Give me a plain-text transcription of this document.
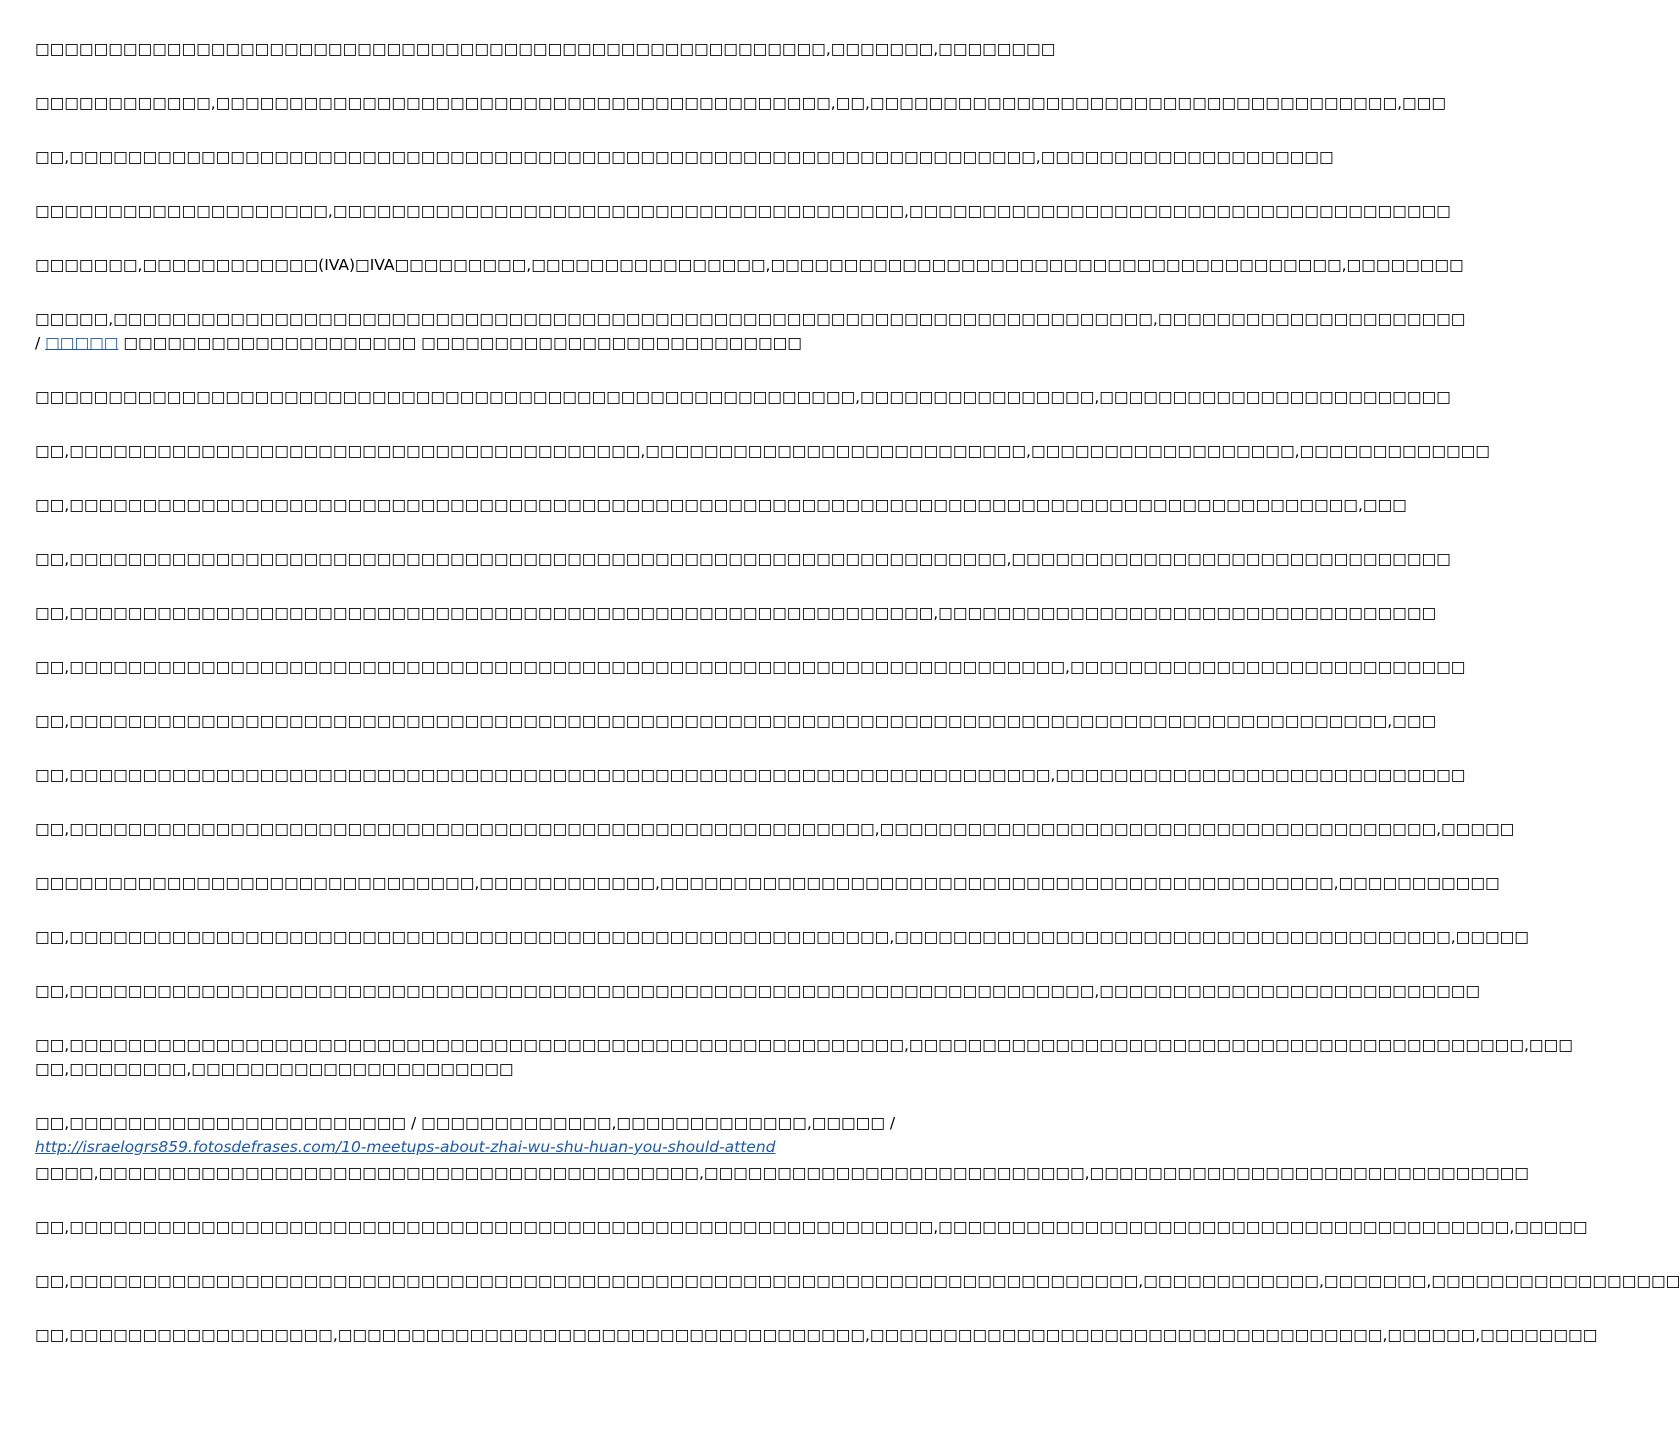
□□□□□□□□□□□□□□□□□□□□□□□□□□□□□□□□□□□□□□□□□□□□□□□□□□□□□□,□□□□□□□,□□□□□□□□

□□□□□□□□□□□□,□□□□□□□□□□□□□□□□□□□□□□□□□□□□□□□□□□□□□□□□□□,□□,□□□□□□□□□□□□□□□□□□□□□□□□□□□□□□□□□□□□,□□□

□□,□□□□□□□□□□□□□□□□□□□□□□□□□□□□□□□□□□□□□□□□□□□□□□□□□□□□□□□□□□□□□□□□□□,□□□□□□□□□□□□□□□□□□□□

□□□□□□□□□□□□□□□□□□□□,□□□□□□□□□□□□□□□□□□□□□□□□□□□□□□□□□□□□□□□,□□□□□□□□□□□□□□□□□□□□□□□□□□□□□□□□□□□□□

□□□□□□□,□□□□□□□□□□□□(IVA)□IVA□□□□□□□□□,□□□□□□□□□□□□□□□□,□□□□□□□□□□□□□□□□□□□□□□□□□□□□□□□□□□□□□□□,□□□□□□□□

□□□□□,□□□□□□□□□□□□□□□□□□□□□□□□□□□□□□□□□□□□□□□□□□□□□□□□□□□□□□□□□□□□□□□□□□□□□□□,□□□□□□□□□□□□□□□□□□□□□
/ □□□□□ □□□□□□□□□□□□□□□□□□□□ □□□□□□□□□□□□□□□□□□□□□□□□□□

□□□□□□□□□□□□□□□□□□□□□□□□□□□□□□□□□□□□□□□□□□□□□□□□□□□□□□□□,□□□□□□□□□□□□□□□□,□□□□□□□□□□□□□□□□□□□□□□□□

□□,□□□□□□□□□□□□□□□□□□□□□□□□□□□□□□□□□□□□□□□,□□□□□□□□□□□□□□□□□□□□□□□□□□,□□□□□□□□□□□□□□□□□□,□□□□□□□□□□□□□

□□,□□□□□□□□□□□□□□□□□□□□□□□□□□□□□□□□□□□□□□□□□□□□□□□□□□□□□□□□□□□□□□□□□□□□□□□□□□□□□□□□□□□□□□□□,□□□

□□,□□□□□□□□□□□□□□□□□□□□□□□□□□□□□□□□□□□□□□□□□□□□□□□□□□□□□□□□□□□□□□□□,□□□□□□□□□□□□□□□□□□□□□□□□□□□□□□

□□,□□□□□□□□□□□□□□□□□□□□□□□□□□□□□□□□□□□□□□□□□□□□□□□□□□□□□□□□□□□,□□□□□□□□□□□□□□□□□□□□□□□□□□□□□□□□□□

□□,□□□□□□□□□□□□□□□□□□□□□□□□□□□□□□□□□□□□□□□□□□□□□□□□□□□□□□□□□□□□□□□□□□□□,□□□□□□□□□□□□□□□□□□□□□□□□□□□

□□,□□□□□□□□□□□□□□□□□□□□□□□□□□□□□□□□□□□□□□□□□□□□□□□□□□□□□□□□□□□□□□□□□□□□□□□□□□□□□□□□□□□□□□□□□□,□□□

□□,□□□□□□□□□□□□□□□□□□□□□□□□□□□□□□□□□□□□□□□□□□□□□□□□□□□□□□□□□□□□□□□□□□□,□□□□□□□□□□□□□□□□□□□□□□□□□□□□

□□,□□□□□□□□□□□□□□□□□□□□□□□□□□□□□□□□□□□□□□□□□□□□□□□□□□□□□□□,□□□□□□□□□□□□□□□□□□□□□□□□□□□□□□□□□□□□□□,□□□□□

□□□□□□□□□□□□□□□□□□□□□□□□□□□□□□,□□□□□□□□□□□□,□□□□□□□□□□□□□□□□□□□□□□□□□□□□□□□□□□□□□□□□□□□□□□,□□□□□□□□□□□

□□,□□□□□□□□□□□□□□□□□□□□□□□□□□□□□□□□□□□□□□□□□□□□□□□□□□□□□□□□,□□□□□□□□□□□□□□□□□□□□□□□□□□□□□□□□□□□□□□,□□□□□

□□,□□□□□□□□□□□□□□□□□□□□□□□□□□□□□□□□□□□□□□□□□□□□□□□□□□□□□□□□□□□□□□□□□□□□□□,□□□□□□□□□□□□□□□□□□□□□□□□□□

□□,□□□□□□□□□□□□□□□□□□□□□□□□□□□□□□□□□□□□□□□□□□□□□□□□□□□□□□□□□,□□□□□□□□□□□□□□□□□□□□□□□□□□□□□□□□□□□□□□□□□□,□□□
□□,□□□□□□□□,□□□□□□□□□□□□□□□□□□□□□□

□□,□□□□□□□□□□□□□□□□□□□□□□□ / □□□□□□□□□□□□□,□□□□□□□□□□□□□,□□□□□ / http://israelogrs859.fotosdefrases.com/10-meetups-about-zhai-wu-shu-huan-you-should-attend

□□□□,□□□□□□□□□□□□□□□□□□□□□□□□□□□□□□□□□□□□□□□□□,□□□□□□□□□□□□□□□□□□□□□□□□□□,□□□□□□□□□□□□□□□□□□□□□□□□□□□□□□

□□,□□□□□□□□□□□□□□□□□□□□□□□□□□□□□□□□□□□□□□□□□□□□□□□□□□□□□□□□□□□,□□□□□□□□□□□□□□□□□□□□□□□□□□□□□□□□□□□□□□□,□□□□□

□□,□□□□□□□□□□□□□□□□□□□□□□□□□□□□□□□□□□□□□□□□□□□□□□□□□□□□□□□□□□□□□□□□□□□□□□□□□,□□□□□□□□□□□□,□□□□□□□,□□□□□□□□□□□□□□□□□

□□,□□□□□□□□□□□□□□□□□□,□□□□□□□□□□□□□□□□□□□□□□□□□□□□□□□□□□□□,□□□□□□□□□□□□□□□□□□□□□□□□□□□□□□□□□□□,□□□□□□,□□□□□□□□
